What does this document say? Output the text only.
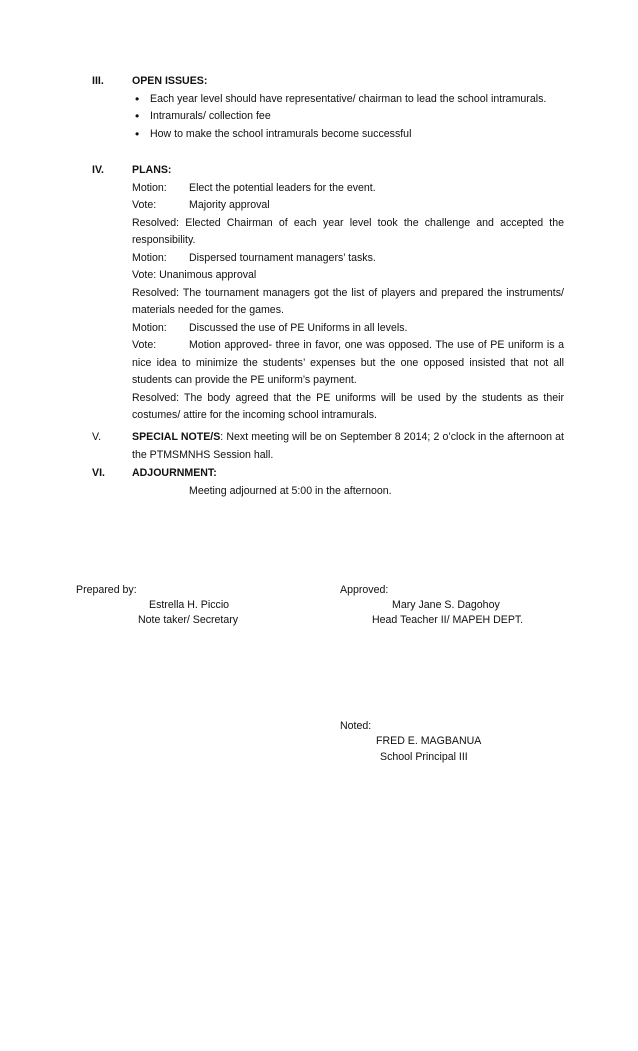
III.	OPEN ISSUES:
• Each year level should have representative/ chairman to lead the school intramurals.
• Intramurals/ collection fee
• How to make the school intramurals become successful
IV.	PLANS:
Motion: Elect the potential leaders for the event.
Vote:	Majority approval
Resolved: Elected Chairman of each year level took the challenge and accepted the responsibility.
Motion: Dispersed tournament managers’ tasks.
Vote: Unanimous approval
Resolved: The tournament managers got the list of players and prepared the instruments/ materials needed for the games.
Motion: Discussed the use of PE Uniforms in all levels.
Vote:	Motion approved- three in favor, one was opposed. The use of PE uniform is a nice idea to minimize the students’ expenses but the one opposed insisted that not all students can provide the PE uniform’s payment.
Resolved: The body agreed that the PE uniforms will be used by the students as their costumes/ attire for the incoming school intramurals.
V.	SPECIAL NOTE/S: Next meeting will be on September 8 2014; 2 o’clock in the afternoon at the PTMSMNHS Session hall.
VI.	ADJOURNMENT:
Meeting adjourned at 5:00 in the afternoon.
Prepared by:
Estrella H. Piccio
Note taker/ Secretary
Approved:
Mary Jane S. Dagohoy
Head Teacher II/ MAPEH DEPT.
Noted:
FRED E. MAGBANUA
School Principal III
